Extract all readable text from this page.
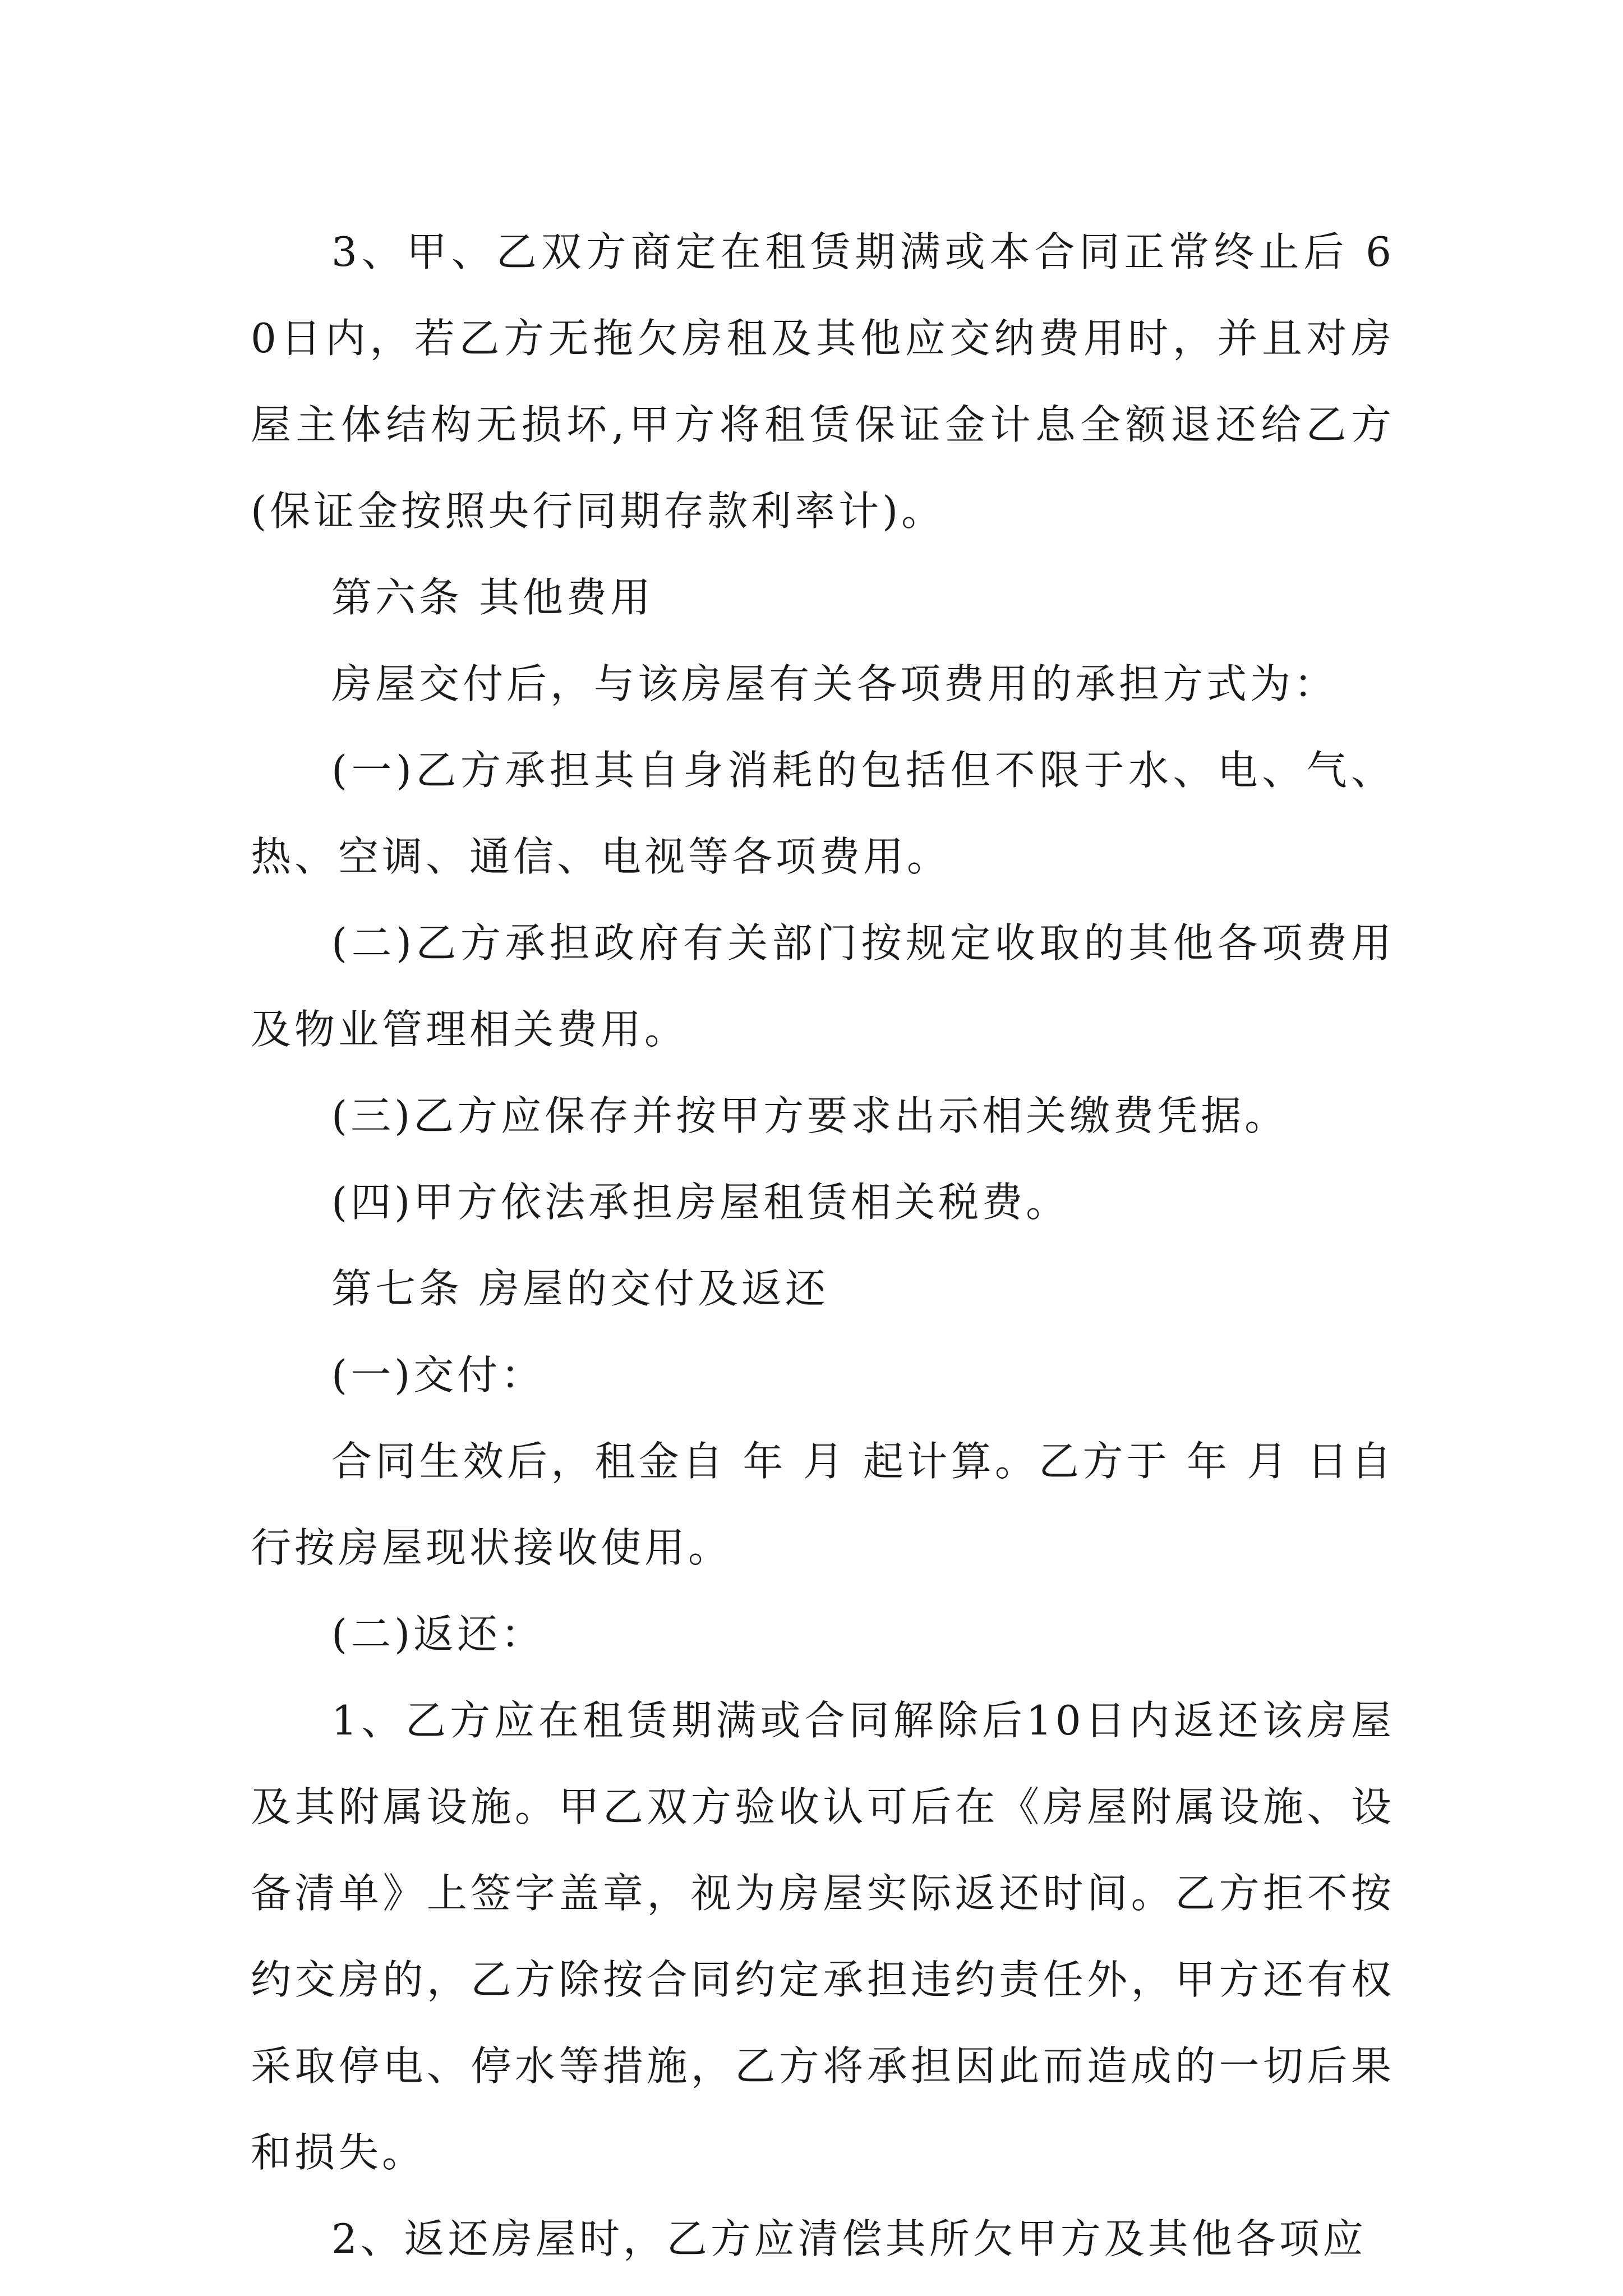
3、甲、乙双方商定在租赁期满或本合同正常终止后 60日内，若乙方无拖欠房租及其他应交纳费用时，并且对房屋主体结构无损坏,甲方将租赁保证金计息全额退还给乙方(保证金按照央行同期存款利率计)。

第六条 其他费用

房屋交付后，与该房屋有关各项费用的承担方式为：

(一)乙方承担其自身消耗的包括但不限于水、电、气、热、空调、通信、电视等各项费用。

(二)乙方承担政府有关部门按规定收取的其他各项费用及物业管理相关费用。

(三)乙方应保存并按甲方要求出示相关缴费凭据。

(四)甲方依法承担房屋租赁相关税费。

第七条 房屋的交付及返还

(一)交付：

合同生效后，租金自 年 月 起计算。乙方于 年 月 日自行按房屋现状接收使用。

(二)返还：

1、乙方应在租赁期满或合同解除后10日内返还该房屋及其附属设施。甲乙双方验收认可后在《房屋附属设施、设备清单》上签字盖章，视为房屋实际返还时间。乙方拒不按约交房的，乙方除按合同约定承担违约责任外，甲方还有权采取停电、停水等措施，乙方将承担因此而造成的一切后果和损失。

2、返还房屋时，乙方应清偿其所欠甲方及其他各项应
